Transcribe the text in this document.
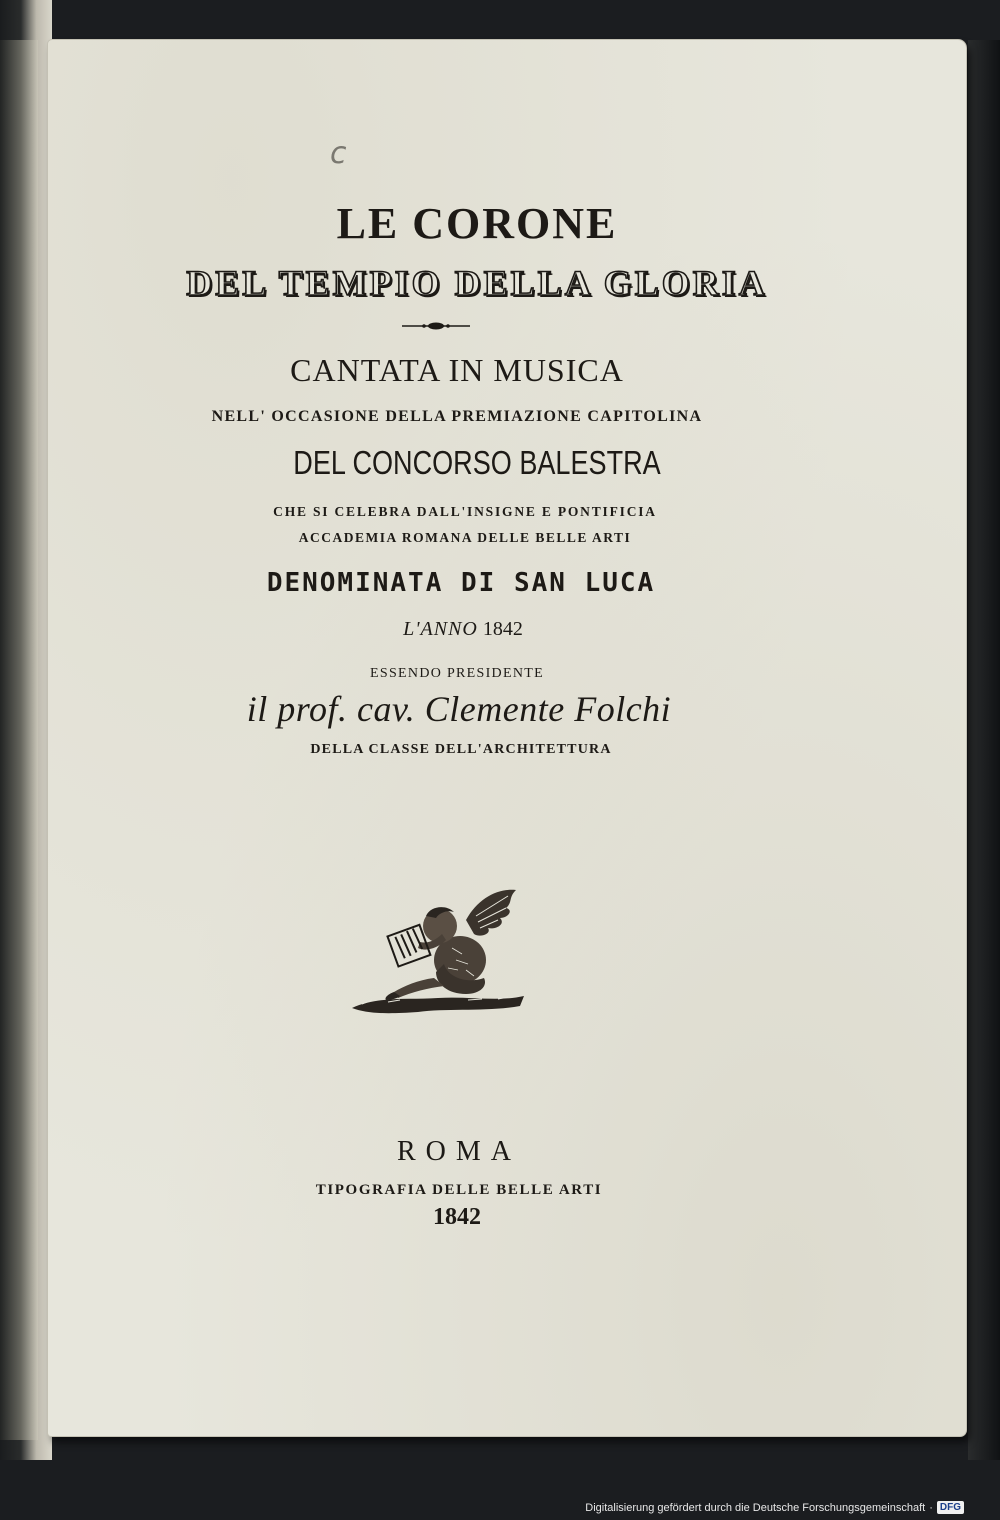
c

LE CORONE

DEL TEMPIO DELLA GLORIA

CANTATA IN MUSICA

NELL' OCCASIONE DELLA PREMIAZIONE CAPITOLINA

DEL CONCORSO BALESTRA

CHE SI CELEBRA DALL'INSIGNE E PONTIFICIA

ACCADEMIA ROMANA DELLE BELLE ARTI

DENOMINATA DI SAN LUCA

L'ANNO 1842

ESSENDO PRESIDENTE

il prof. cav. Clemente Folchi

DELLA CLASSE DELL'ARCHITETTURA

ROMA

TIPOGRAFIA DELLE BELLE ARTI

1842

Digitalisierung gefördert durch die Deutsche Forschungsgemeinschaft · DFG
